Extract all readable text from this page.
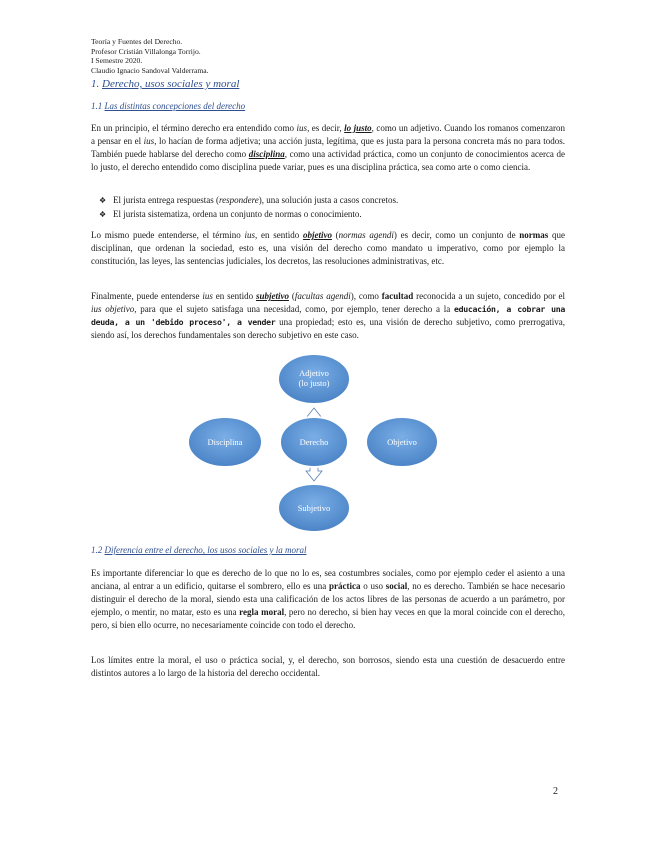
Teoría y Fuentes del Derecho.
Profesor Cristián Villalonga Torrijo.
I Semestre 2020.
Claudio Ignacio Sandoval Valderrama.
1. Derecho, usos sociales y moral
1.1 Las distintas concepciones del derecho
En un principio, el término derecho era entendido como ius, es decir, lo justo, como un adjetivo. Cuando los romanos comenzaron a pensar en el ius, lo hacían de forma adjetiva; una acción justa, legítima, que es justa para la persona concreta más no para todos. También puede hablarse del derecho como disciplina, como una actividad práctica, como un conjunto de conocimientos acerca de lo justo, el derecho entendido como disciplina puede variar, pues es una disciplina práctica, sea como arte o como ciencia.
❖ El jurista entrega respuestas (respondere), una solución justa a casos concretos.
❖ El jurista sistematiza, ordena un conjunto de normas o conocimiento.
Lo mismo puede entenderse, el término ius, en sentido objetivo (normas agendi) es decir, como un conjunto de normas que disciplinan, que ordenan la sociedad, esto es, una visión del derecho como mandato u imperativo, como por ejemplo la constitución, las leyes, las sentencias judiciales, los decretos, las resoluciones administrativas, etc.
Finalmente, puede entenderse ius en sentido subjetivo (facultas agendi), como facultad reconocida a un sujeto, concedido por el ius objetivo, para que el sujeto satisfaga una necesidad, como, por ejemplo, tener derecho a la educación, a cobrar una deuda, a un 'debido proceso', a vender una propiedad; esto es, una visión de derecho subjetivo, como prerrogativa, siendo así, los derechos fundamentales son derecho subjetivo en este caso.
Adjetivo
(lo justo)
Disciplina	Objetivo
Subjetivo
Derecho
1.2 Diferencia entre el derecho, los usos sociales y la moral
Es importante diferenciar lo que es derecho de lo que no lo es, sea costumbres sociales, como por ejemplo ceder el asiento a una anciana, al entrar a un edificio, quitarse el sombrero, ello es una práctica o uso social, no es derecho. También se hace necesario distinguir el derecho de la moral, siendo esta una calificación de los actos libres de las personas de acuerdo a un parámetro, por ejemplo, o mentir, no matar, esto es una regla moral, pero no derecho, si bien hay veces en que la moral coincide con el derecho, pero, si bien ello ocurre, no necesariamente coincide con todo el derecho.
Los límites entre la moral, el uso o práctica social, y, el derecho, son borrosos, siendo esta una cuestión de desacuerdo entre distintos autores a lo largo de la historia del derecho occidental.
2
